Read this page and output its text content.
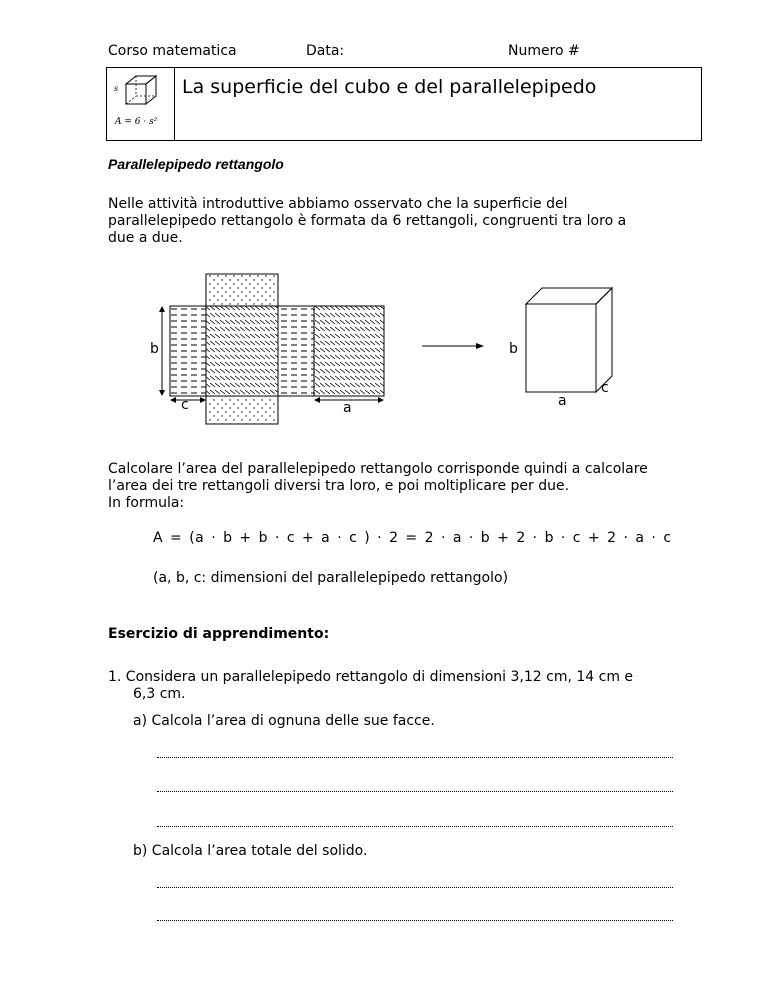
Corso matematica	Data:	Numero #
s
A = 6 · s²
La superficie del cubo e del parallelepipedo
Parallelepipedo rettangolo
Nelle attività introduttive abbiamo osservato che la superficie del
parallelepipedo rettangolo è formata da 6 rettangoli, congruenti tra loro a
due a due.
b
c	a
b
a
c
Calcolare l’area del parallelepipedo rettangolo corrisponde quindi a calcolare
l’area dei tre rettangoli diversi tra loro, e poi moltiplicare per due.
In formula:
A = (a · b + b · c + a · c ) · 2 = 2 · a · b + 2 · b · c + 2 · a · c
(a, b, c: dimensioni del parallelepipedo rettangolo)
Esercizio di apprendimento:
1. Considera un parallelepipedo rettangolo di dimensioni 3,12 cm, 14 cm e
6,3 cm.
a) Calcola l’area di ognuna delle sue facce.
b) Calcola l’area totale del solido.
